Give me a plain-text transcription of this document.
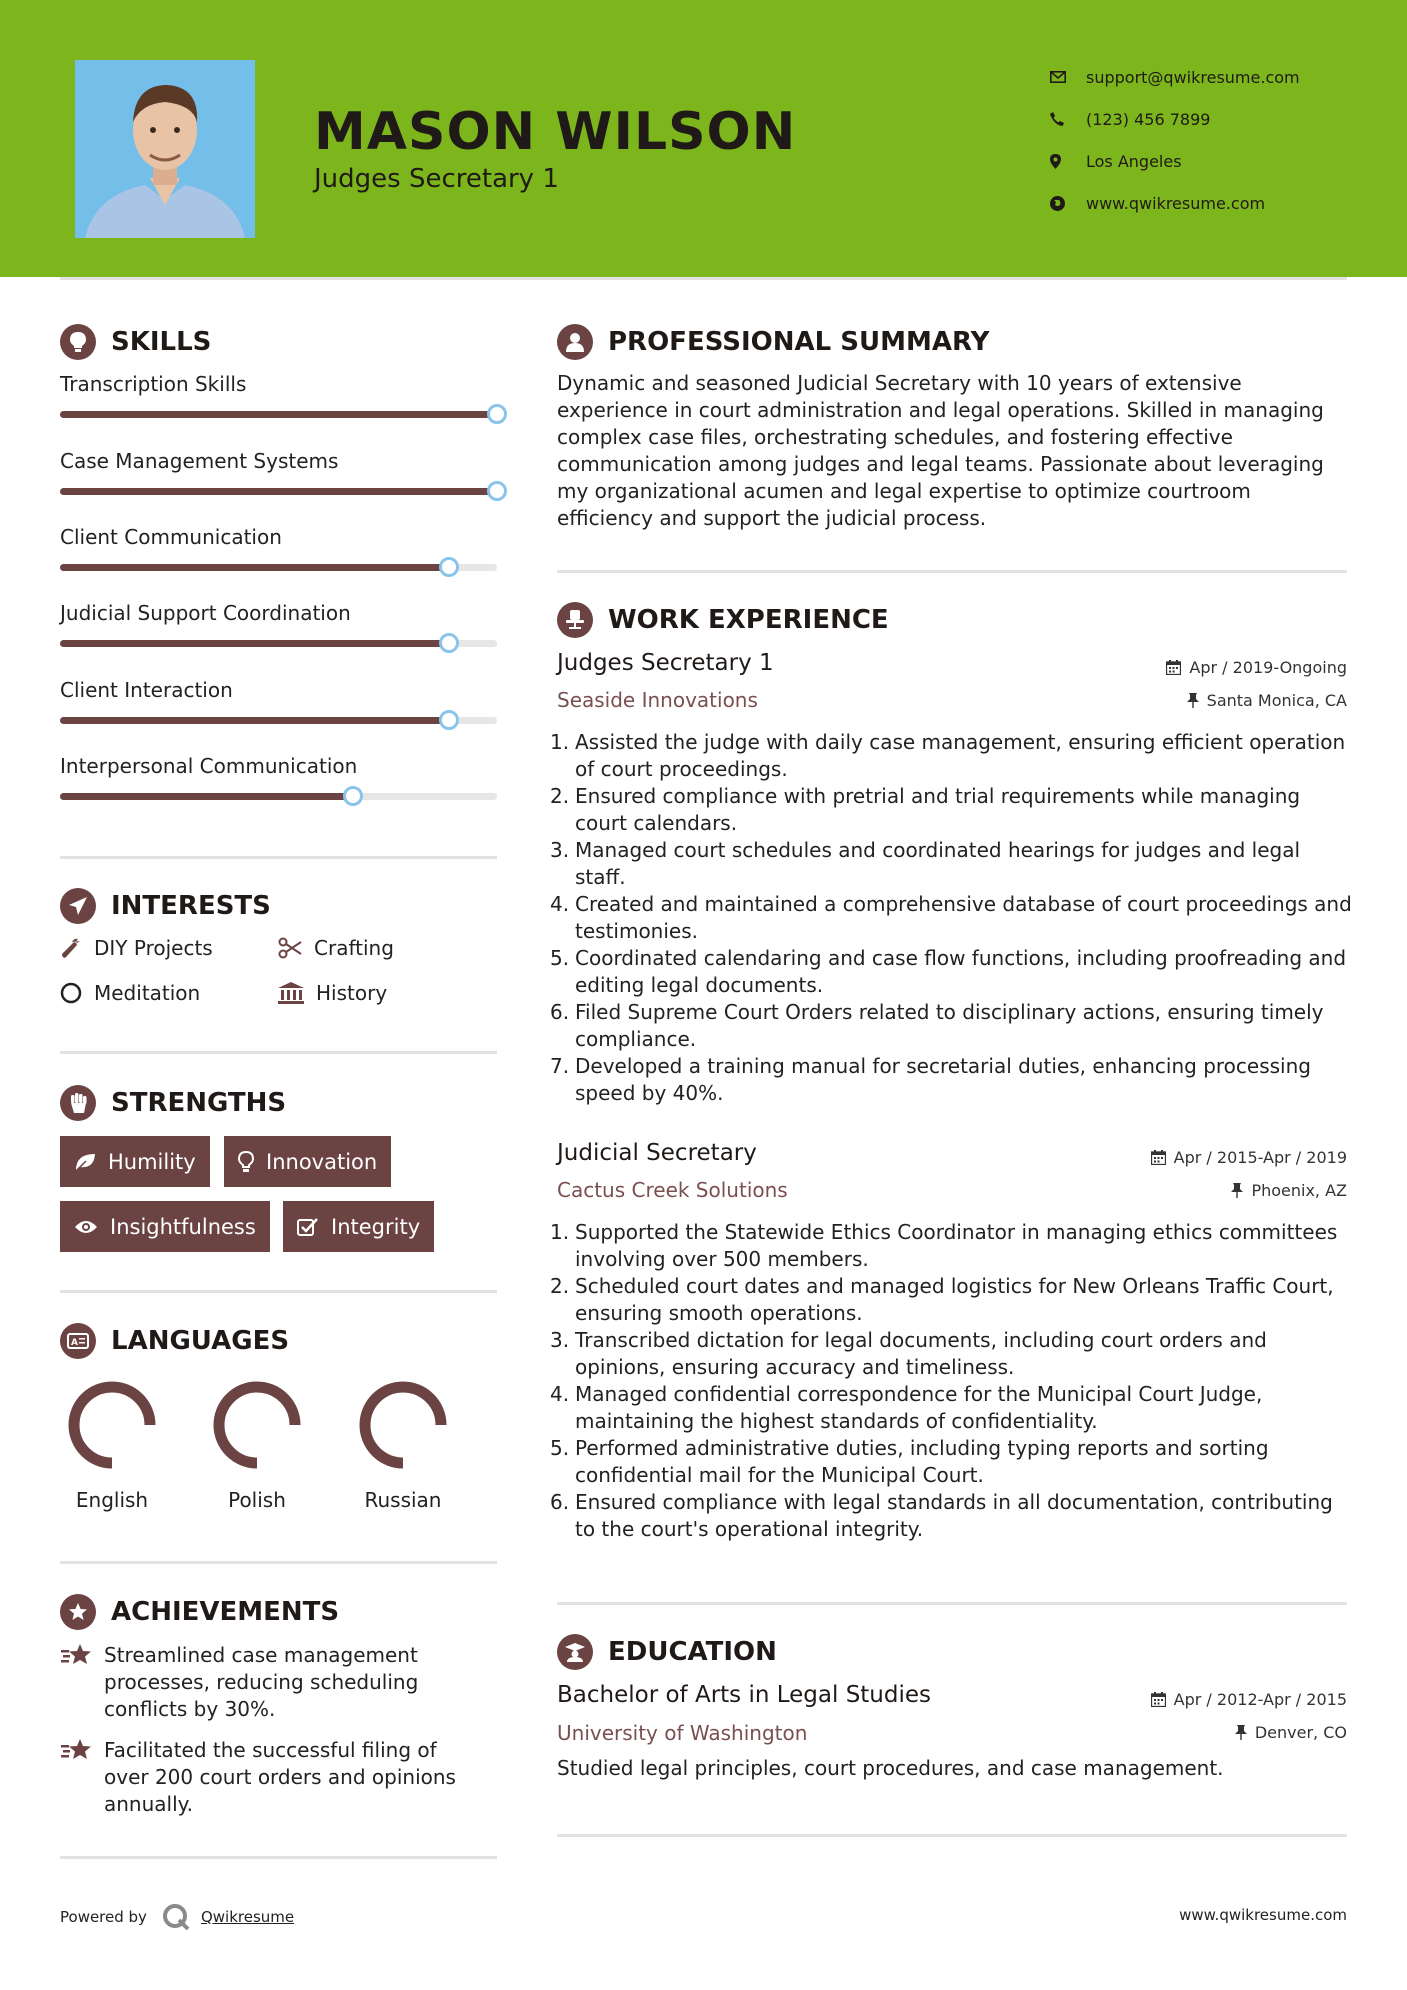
MASON WILSON
Judges Secretary 1
support@qwikresume.com
(123) 456 7899
Los Angeles
www.qwikresume.com
SKILLS
Transcription Skills
Case Management Systems
Client Communication
Judicial Support Coordination
Client Interaction
Interpersonal Communication
INTERESTS
DIY Projects	Crafting
Meditation	History
STRENGTHS
Humility	Innovation
Insightfulness	Integrity
A LANGUAGES
English	Polish	Russian
ACHIEVEMENTS
Streamlined case management processes, reducing scheduling conflicts by 30%.
Facilitated the successful filing of over 200 court orders and opinions annually.
PROFESSIONAL SUMMARY
Dynamic and seasoned Judicial Secretary with 10 years of extensive experience in court administration and legal operations. Skilled in managing complex case files, orchestrating schedules, and fostering effective communication among judges and legal teams. Passionate about leveraging my organizational acumen and legal expertise to optimize courtroom efficiency and support the judicial process.
WORK EXPERIENCE
Judges Secretary 1	Apr / 2019-Ongoing
Seaside Innovations	Santa Monica, CA
Assisted the judge with daily case management, ensuring efficient operation of court proceedings.
Ensured compliance with pretrial and trial requirements while managing court calendars.
Managed court schedules and coordinated hearings for judges and legal staff.
Created and maintained a comprehensive database of court proceedings and testimonies.
Coordinated calendaring and case flow functions, including proofreading and editing legal documents.
Filed Supreme Court Orders related to disciplinary actions, ensuring timely compliance.
Developed a training manual for secretarial duties, enhancing processing speed by 40%.
Judicial Secretary	Apr / 2015-Apr / 2019
Cactus Creek Solutions	Phoenix, AZ
Supported the Statewide Ethics Coordinator in managing ethics committees involving over 500 members.
Scheduled court dates and managed logistics for New Orleans Traffic Court, ensuring smooth operations.
Transcribed dictation for legal documents, including court orders and opinions, ensuring accuracy and timeliness.
Managed confidential correspondence for the Municipal Court Judge, maintaining the highest standards of confidentiality.
Performed administrative duties, including typing reports and sorting confidential mail for the Municipal Court.
Ensured compliance with legal standards in all documentation, contributing to the court's operational integrity.
EDUCATION
Bachelor of Arts in Legal Studies	Apr / 2012-Apr / 2015
University of Washington	Denver, CO
Studied legal principles, court procedures, and case management.
Powered by	Qwikresume	www.qwikresume.com
